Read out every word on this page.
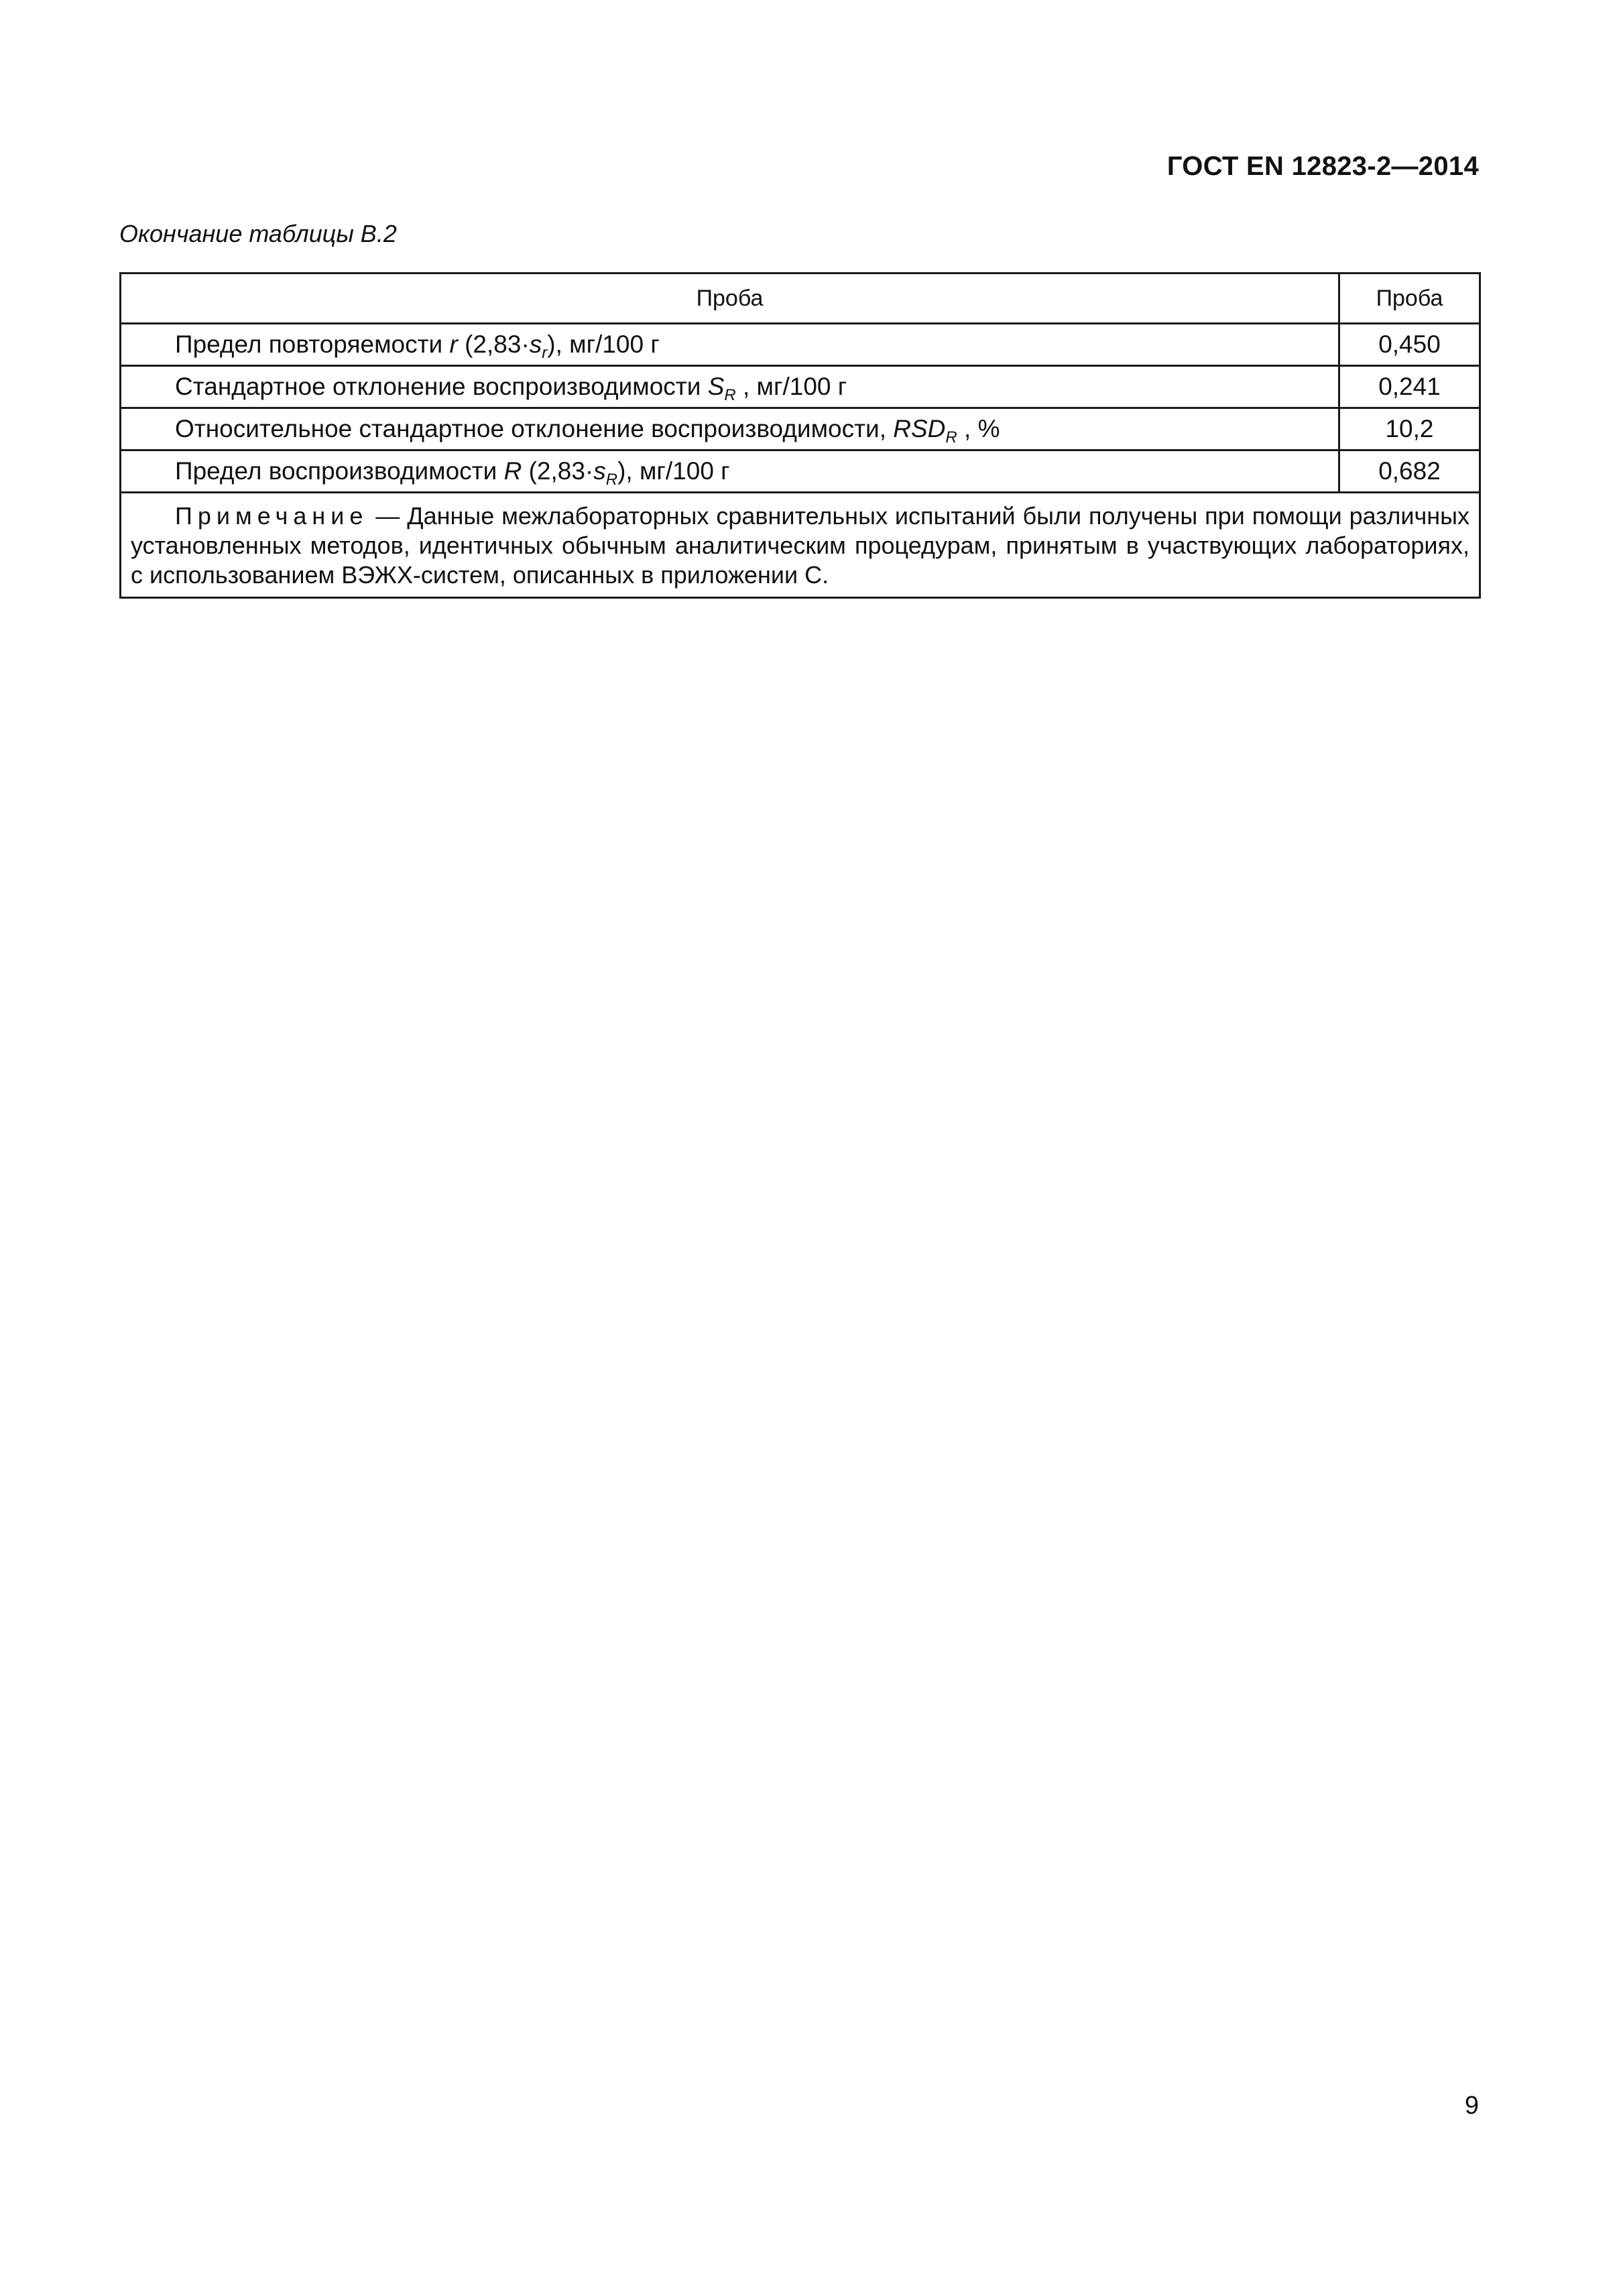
ГОСТ EN 12823-2—2014
Окончание таблицы В.2
Проба	Проба
Предел повторяемости r $(2,83\cdot s_r)$, мг/100 г	0,450
Стандартное отклонение воспроизводимости $S_R$ , мг/100 г	0,241
Относительное стандартное отклонение воспроизводимости, $RSD_R$ , %	10,2
Предел воспроизводимости R $(2,83\cdot s_R)$, мг/100 г	0,682
Примечание — Данные межлабораторных сравнительных испытаний были получены при помощи различных установленных методов, идентичных обычным аналитическим процедурам, принятым в участвующих лабораториях, с использованием ВЭЖХ-систем, описанных в приложении С.	
9
